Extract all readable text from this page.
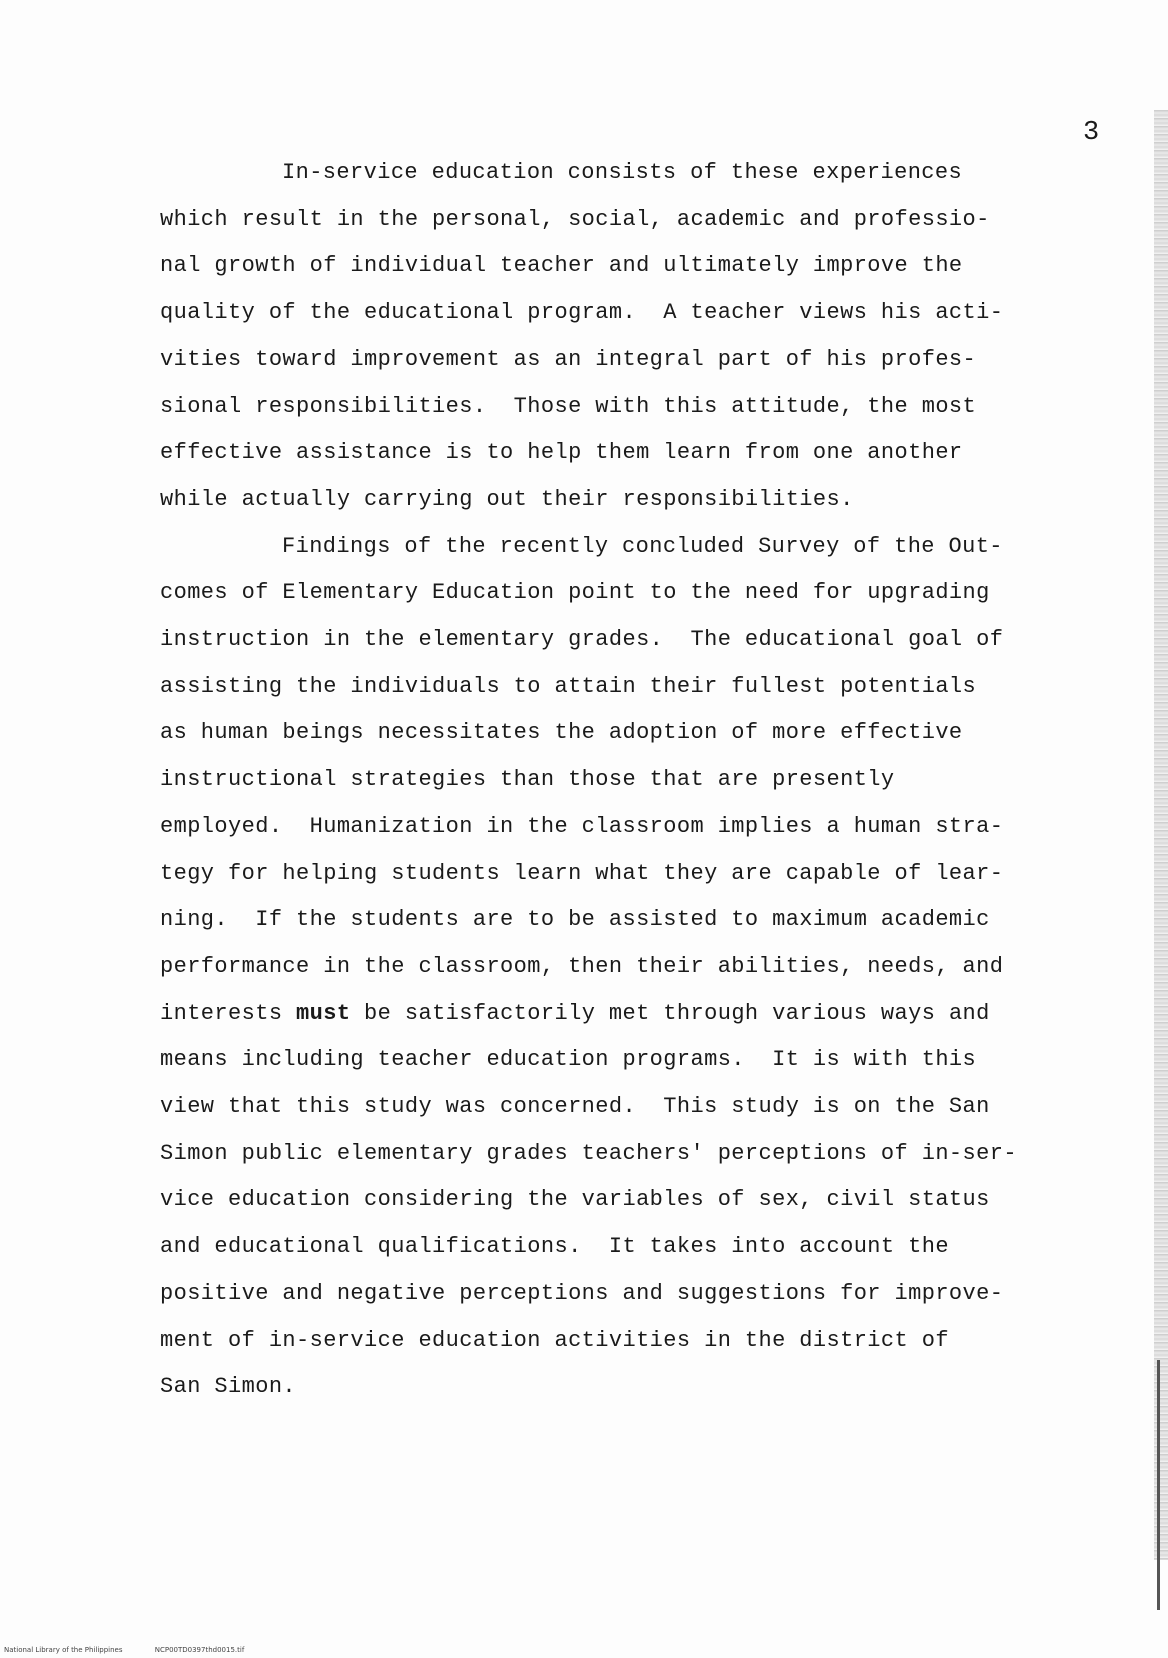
3
In-service education consists of these experiences
which result in the personal, social, academic and professio-
nal growth of individual teacher and ultimately improve the
quality of the educational program.  A teacher views his acti-
vities toward improvement as an integral part of his profes-
sional responsibilities.  Those with this attitude, the most
effective assistance is to help them learn from one another
while actually carrying out their responsibilities.
Findings of the recently concluded Survey of the Out-
comes of Elementary Education point to the need for upgrading
instruction in the elementary grades.  The educational goal of
assisting the individuals to attain their fullest potentials
as human beings necessitates the adoption of more effective
instructional strategies than those that are presently
employed.  Humanization in the classroom implies a human stra-
tegy for helping students learn what they are capable of lear-
ning.  If the students are to be assisted to maximum academic
performance in the classroom, then their abilities, needs, and
interests must be satisfactorily met through various ways and
means including teacher education programs.  It is with this
view that this study was concerned.  This study is on the San
Simon public elementary grades teachers' perceptions of in-ser-
vice education considering the variables of sex, civil status
and educational qualifications.  It takes into account the
positive and negative perceptions and suggestions for improve-
ment of in-service education activities in the district of
San Simon.
National Library of the Philippines	NCP00TD0397thd0015.tif
